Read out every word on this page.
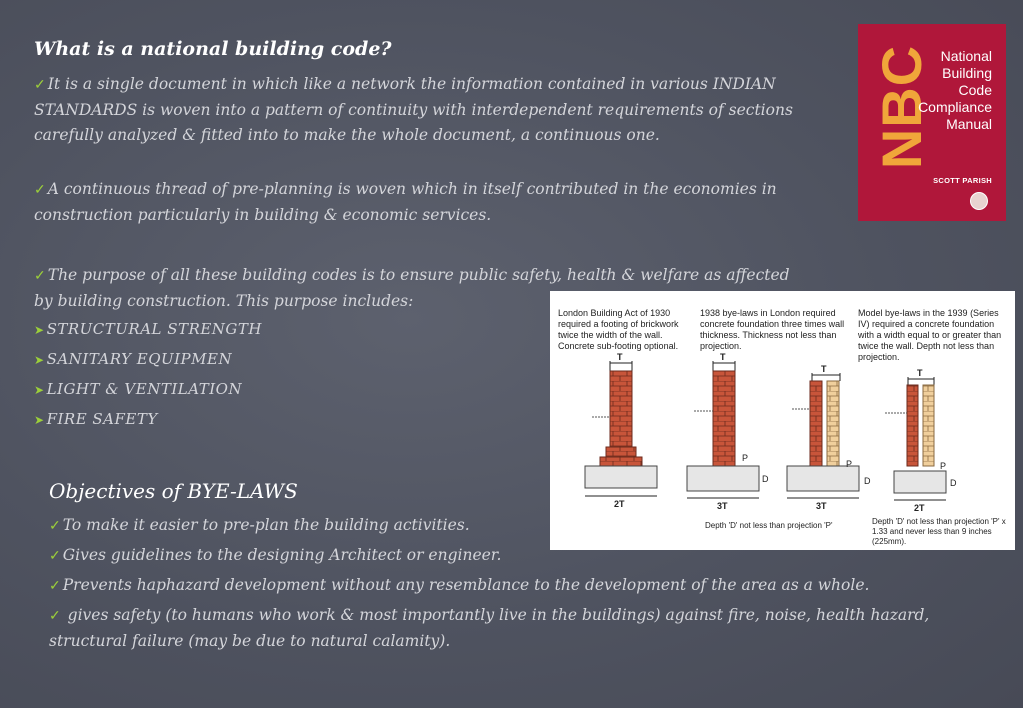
What is a national building code?

✓ It is a single document in which like a network the information contained in various INDIAN STANDARDS is woven into a pattern of continuity with interdependent requirements of sections carefully analyzed & fitted into to make the whole document, a continuous one.

✓ A continuous thread of pre-planning is woven which in itself contributed in the economies in construction particularly in building & economic services.

✓ The purpose of all these building codes is to ensure public safety, health & welfare as affected by building construction. This purpose includes:

➤ STRUCTURAL STRENGTH

➤ SANITARY EQUIPMEN

➤ LIGHT & VENTILATION

➤ FIRE SAFETY

Objectives of BYE-LAWS

✓ To make it easier to pre-plan the building activities.

✓ Gives guidelines to the designing Architect or engineer.

✓ Prevents haphazard development without any resemblance to the development of the area as a whole.

✓ gives safety (to humans who work & most importantly live in the buildings) against fire, noise, health hazard, structural failure (may be due to natural calamity).

NBC National
Building
Code
Compliance
Manual
SCOTT PARISH
London Building Act of 1930 required a footing of brickwork twice the width of the wall. Concrete sub-footing optional.
1938 bye-laws in London required concrete foundation three times wall thickness. Thickness not less than projection.
Model bye-laws in the 1939 (Series IV) required a concrete foundation with a width equal to or greater than twice the wall. Depth not less than projection.
T
2T
T
P
D
3T
T
P
D
3T
T
P
D
2T
Depth 'D' not less than projection 'P'	Depth 'D' not less than projection 'P' x 1.33 and never less than 9 inches (225mm).
